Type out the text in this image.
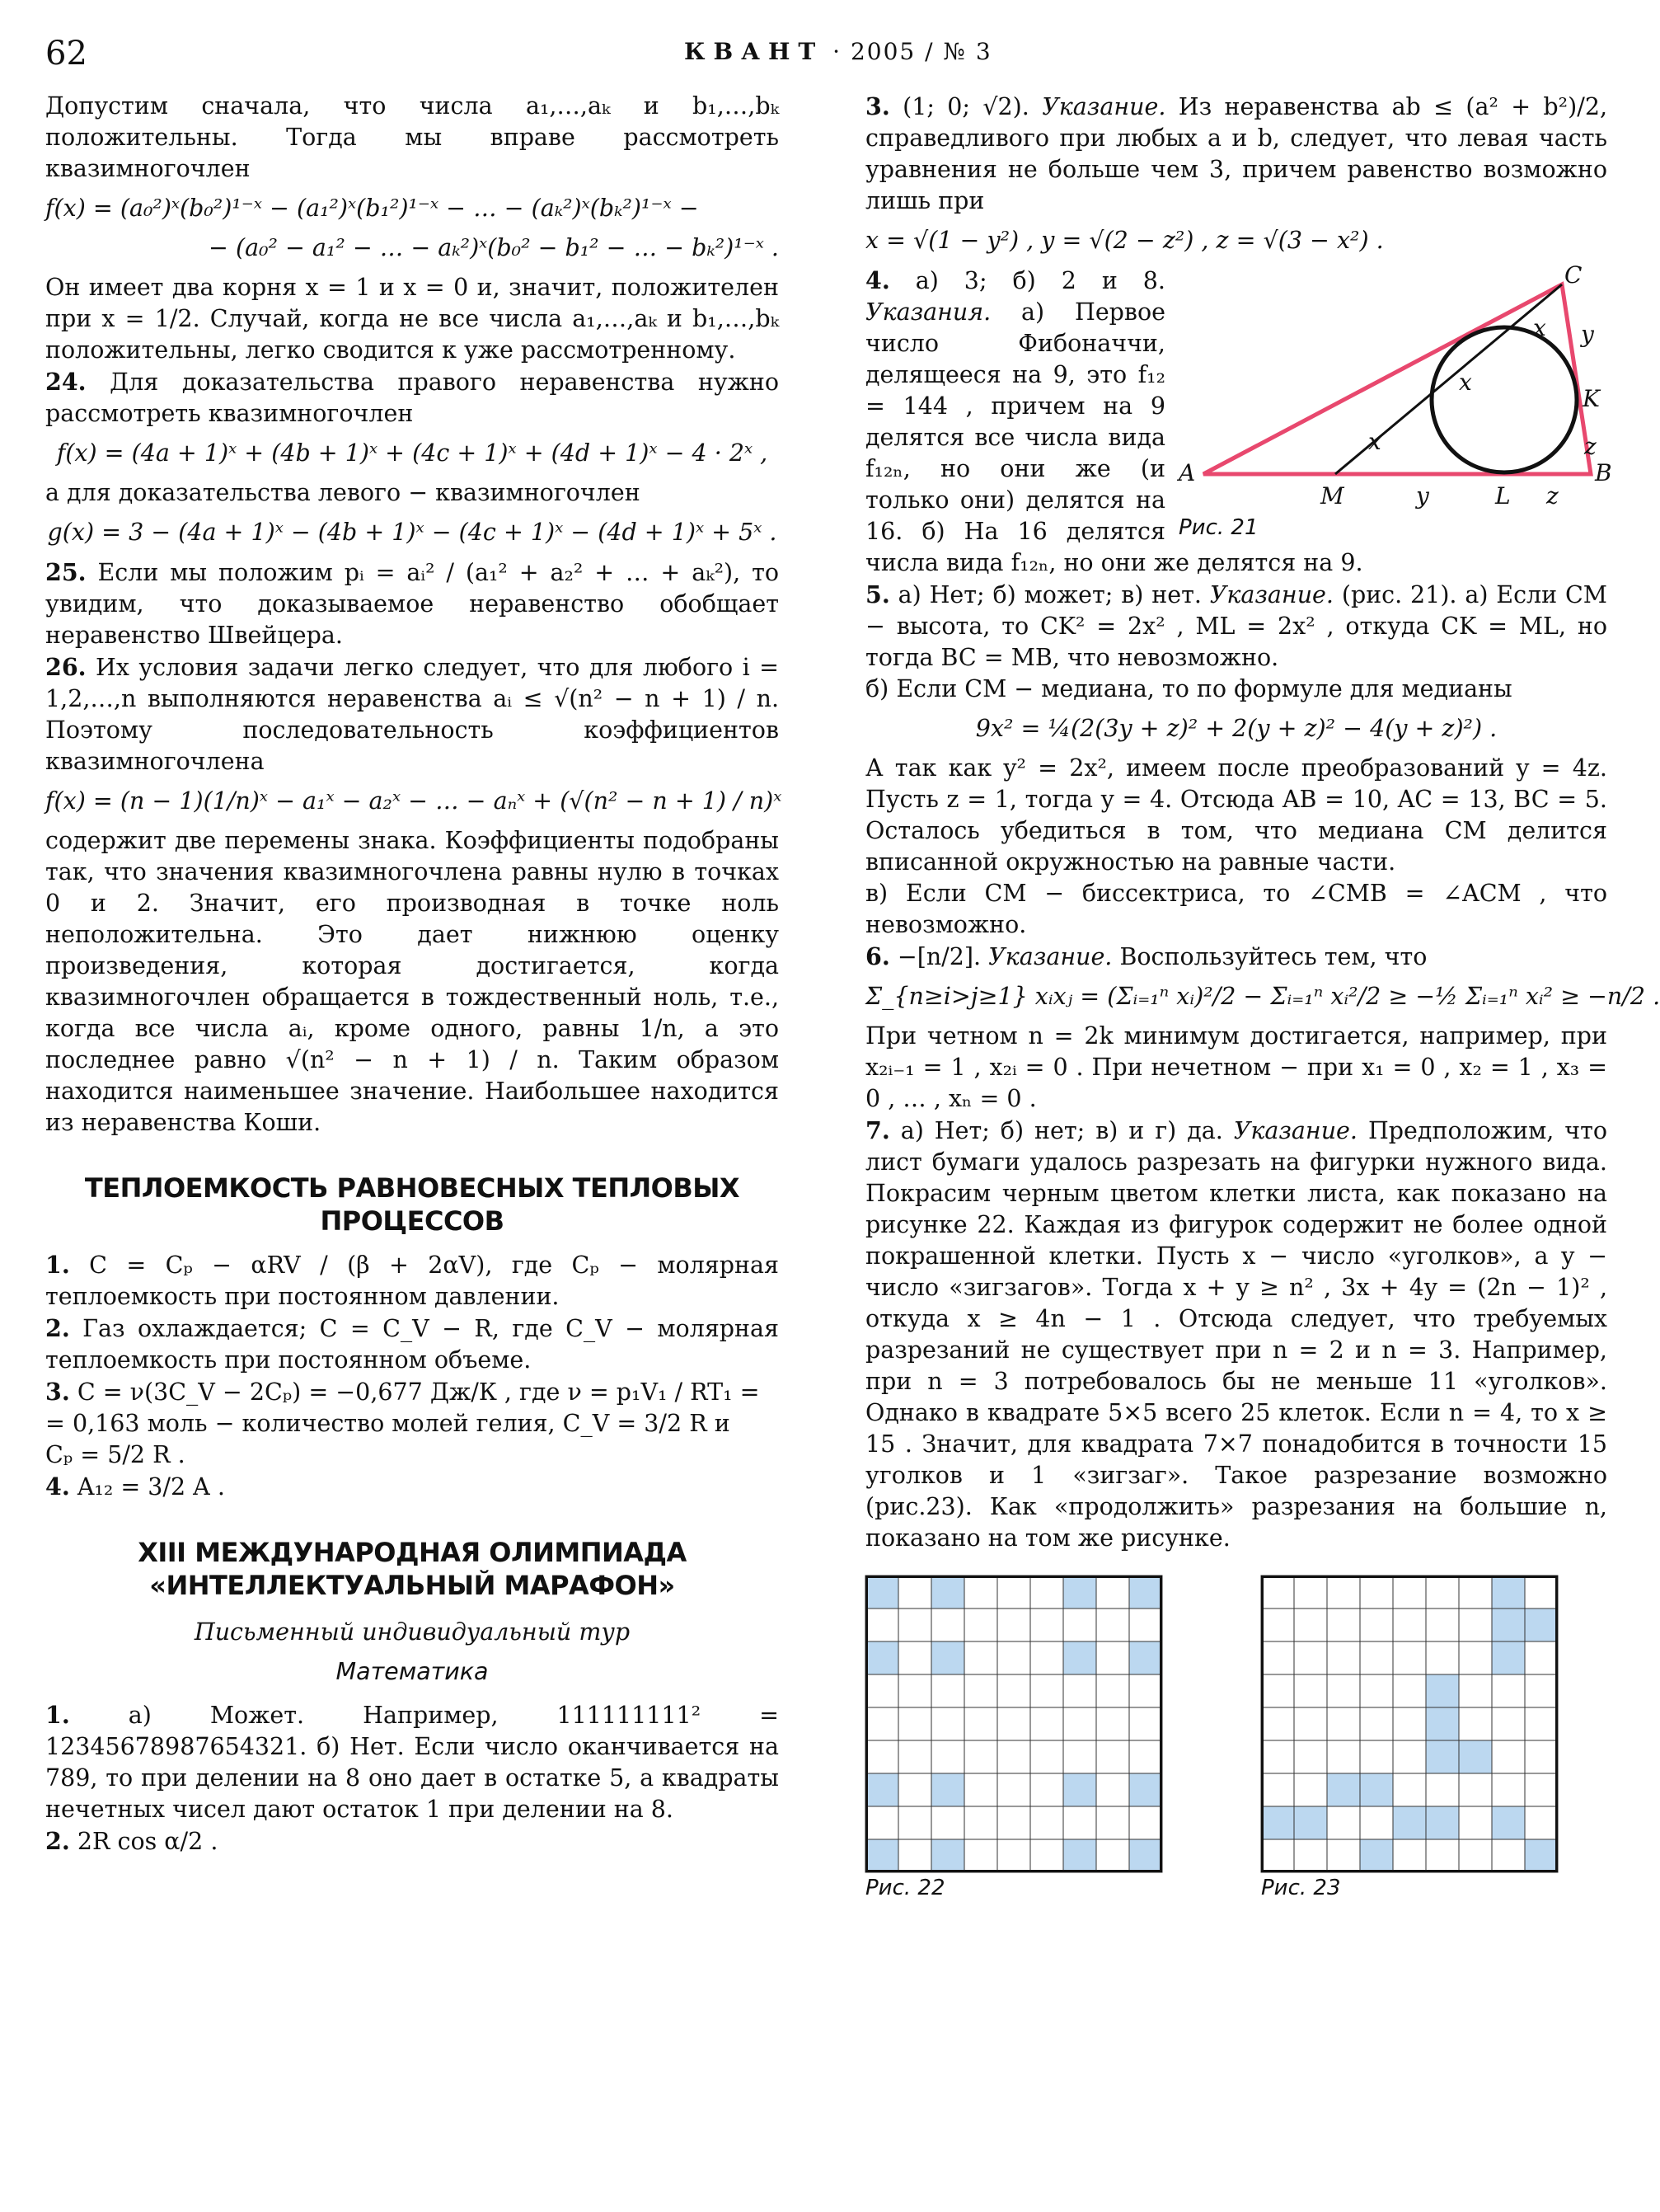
62	КВАНТ · 2005 / № 3

Допустим сначала, что числа a₁,…,aₖ и b₁,…,bₖ положительны. Тогда мы вправе рассмотреть квазимногочлен

f(x) = (a₀²)ˣ(b₀²)¹⁻ˣ − (a₁²)ˣ(b₁²)¹⁻ˣ − … − (aₖ²)ˣ(bₖ²)¹⁻ˣ −
− (a₀² − a₁² − … − aₖ²)ˣ(b₀² − b₁² − … − bₖ²)¹⁻ˣ .

Он имеет два корня x = 1 и x = 0 и, значит, положителен при x = 1/2. Случай, когда не все числа a₁,…,aₖ и b₁,…,bₖ положительны, легко сводится к уже рассмотренному.

24. Для доказательства правого неравенства нужно рассмотреть квазимногочлен

f(x) = (4a + 1)ˣ + (4b + 1)ˣ + (4c + 1)ˣ + (4d + 1)ˣ − 4 · 2ˣ ,

а для доказательства левого − квазимногочлен

g(x) = 3 − (4a + 1)ˣ − (4b + 1)ˣ − (4c + 1)ˣ − (4d + 1)ˣ + 5ˣ .

25. Если мы положим pᵢ = aᵢ² / (a₁² + a₂² + … + aₖ²), то увидим, что доказываемое неравенство обобщает неравенство Швейцера.

26. Их условия задачи легко следует, что для любого i = 1,2,…,n выполняются неравенства aᵢ ≤ √(n² − n + 1) / n. Поэтому последовательность коэффициентов квазимногочлена

f(x) = (n − 1)(1/n)ˣ − a₁ˣ − a₂ˣ − … − aₙˣ + (√(n² − n + 1) / n)ˣ

содержит две перемены знака. Коэффициенты подобраны так, что значения квазимногочлена равны нулю в точках 0 и 2. Значит, его производная в точке ноль неположительна. Это дает нижнюю оценку произведения, которая достигается, когда квазимногочлен обращается в тождественный ноль, т.е., когда все числа aᵢ, кроме одного, равны 1/n, а это последнее равно √(n² − n + 1) / n. Таким образом находится наименьшее значение. Наибольшее находится из неравенства Коши.

ТЕПЛОЕМКОСТЬ РАВНОВЕСНЫХ ТЕПЛОВЫХ ПРОЦЕССОВ

1. C = Cₚ − αRV / (β + 2αV), где Cₚ − молярная теплоемкость при постоянном давлении.

2. Газ охлаждается; C = C_V − R, где C_V − молярная теплоемкость при постоянном объеме.

3. C = ν(3C_V − 2Cₚ) = −0,677 Дж/К , где ν = p₁V₁ / RT₁ =

= 0,163 моль − количество молей гелия, C_V = 3/2 R и

Cₚ = 5/2 R .

4. A₁₂ = 3/2 A .

XIII МЕЖДУНАРОДНАЯ ОЛИМПИАДА «ИНТЕЛЛЕКТУАЛЬНЫЙ МАРАФОН»
Письменный индивидуальный тур
Математика

1. а) Может. Например, 111111111² = 12345678987654321. б) Нет. Если число оканчивается на 789, то при делении на 8 оно дает в остатке 5, а квадраты нечетных чисел дают остаток 1 при делении на 8.

2. 2R cos α/2 .

3. (1; 0; √2). Указание. Из неравенства ab ≤ (a² + b²)/2, справедливого при любых a и b, следует, что левая часть уравнения не больше чем 3, причем равенство возможно лишь при

x = √(1 − y²) , y = √(2 − z²) , z = √(3 − x²) .
A	B
C
M	L
K
x
x
x
y
y
z
z
Рис. 21

4. а) 3; б) 2 и 8. Указания. а) Первое число Фибоначчи, делящееся на 9, это f₁₂ = 144 , причем на 9 делятся все числа вида f₁₂ₙ, но они же (и только они) делятся на 16. б) На 16 делятся числа вида f₁₂ₙ, но они же делятся на 9.

5. а) Нет; б) может; в) нет. Указание. (рис. 21). а) Если CM − высота, то CK² = 2x² , ML = 2x² , откуда CK = ML, но тогда BC = MB, что невозможно.

б) Если CM − медиана, то по формуле для медианы

9x² = ¼(2(3y + z)² + 2(y + z)² − 4(y + z)²) .

А так как y² = 2x², имеем после преобразований y = 4z. Пусть z = 1, тогда y = 4. Отсюда AB = 10, AC = 13, BC = 5. Осталось убедиться в том, что медиана CM делится вписанной окружностью на равные части.

в) Если CM − биссектриса, то ∠CMB = ∠ACM , что невозможно.

6. −[n/2]. Указание. Воспользуйтесь тем, что

Σ_{n≥i>j≥1} xᵢxⱼ = (Σᵢ₌₁ⁿ xᵢ)²/2 − Σᵢ₌₁ⁿ xᵢ²/2 ≥ −½ Σᵢ₌₁ⁿ xᵢ² ≥ −n/2 .

При четном n = 2k минимум достигается, например, при x₂ᵢ₋₁ = 1 , x₂ᵢ = 0 . При нечетном − при x₁ = 0 , x₂ = 1 , x₃ = 0 , … , xₙ = 0 .

7. а) Нет; б) нет; в) и г) да. Указание. Предположим, что лист бумаги удалось разрезать на фигурки нужного вида. Покрасим черным цветом клетки листа, как показано на рисунке 22. Каждая из фигурок содержит не более одной покрашенной клетки. Пусть x − число «уголков», а y − число «зигзагов». Тогда x + y ≥ n² , 3x + 4y = (2n − 1)² , откуда x ≥ 4n − 1 . Отсюда следует, что требуемых разрезаний не существует при n = 2 и n = 3. Например, при n = 3 потребовалось бы не меньше 11 «уголков». Однако в квадрате 5×5 всего 25 клеток. Если n = 4, то x ≥ 15 . Значит, для квадрата 7×7 понадобится в точности 15 уголков и 1 «зигзаг». Такое разрезание возможно (рис.23). Как «продолжить» разрезания на большие n, показано на том же рисунке.

Рис. 22	Рис. 23
